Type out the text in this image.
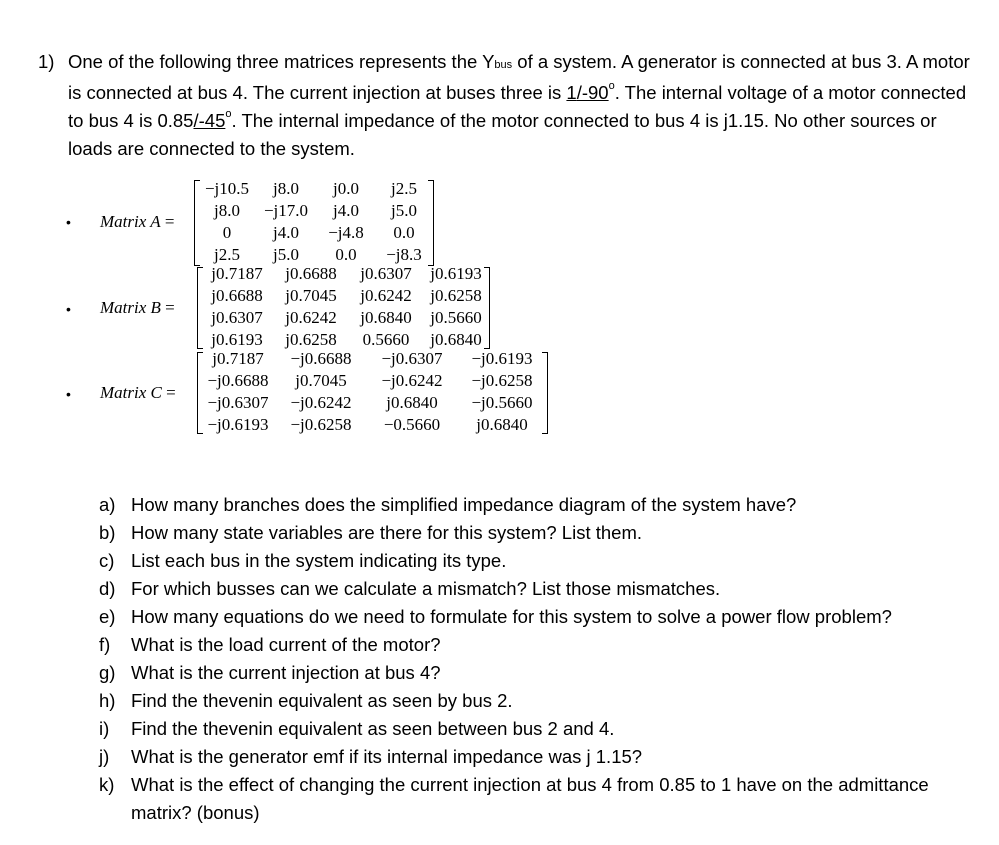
1) One of the following three matrices represents the Ybus of a system. A generator is connected at bus 3. A motor is connected at bus 4. The current injection at buses three is 1/-90$^o$. The internal voltage of a motor connected to bus 4 is 0.85/-45$^o$. The internal impedance of the motor connected to bus 4 is j1.15. No other sources or loads are connected to the system.
• Matrix A =
−j10.5	j8.0	j0.0	j2.5
j8.0	−j17.0	j4.0	j5.0
0	j4.0	−j4.8	0.0
j2.5	j5.0	0.0	−j8.3
• Matrix B =
j0.7187	j0.6688	j0.6307	j0.6193
j0.6688	j0.7045	j0.6242	j0.6258
j0.6307	j0.6242	j0.6840	j0.5660
j0.6193	j0.6258	0.5660	j0.6840
• Matrix C =
j0.7187	−j0.6688	−j0.6307	−j0.6193
−j0.6688	j0.7045	−j0.6242	−j0.6258
−j0.6307	−j0.6242	j0.6840	−j0.5660
−j0.6193	−j0.6258	−0.5660	j0.6840
a) How many branches does the simplified impedance diagram of the system have?
b) How many state variables are there for this system? List them.
c) List each bus in the system indicating its type.
d) For which busses can we calculate a mismatch? List those mismatches.
e) How many equations do we need to formulate for this system to solve a power flow problem?
f) What is the load current of the motor?
g) What is the current injection at bus 4?
h) Find the thevenin equivalent as seen by bus 2.
i) Find the thevenin equivalent as seen between bus 2 and 4.
j) What is the generator emf if its internal impedance was j 1.15?
k) What is the effect of changing the current injection at bus 4 from 0.85 to 1 have on the admittance matrix? (bonus)
